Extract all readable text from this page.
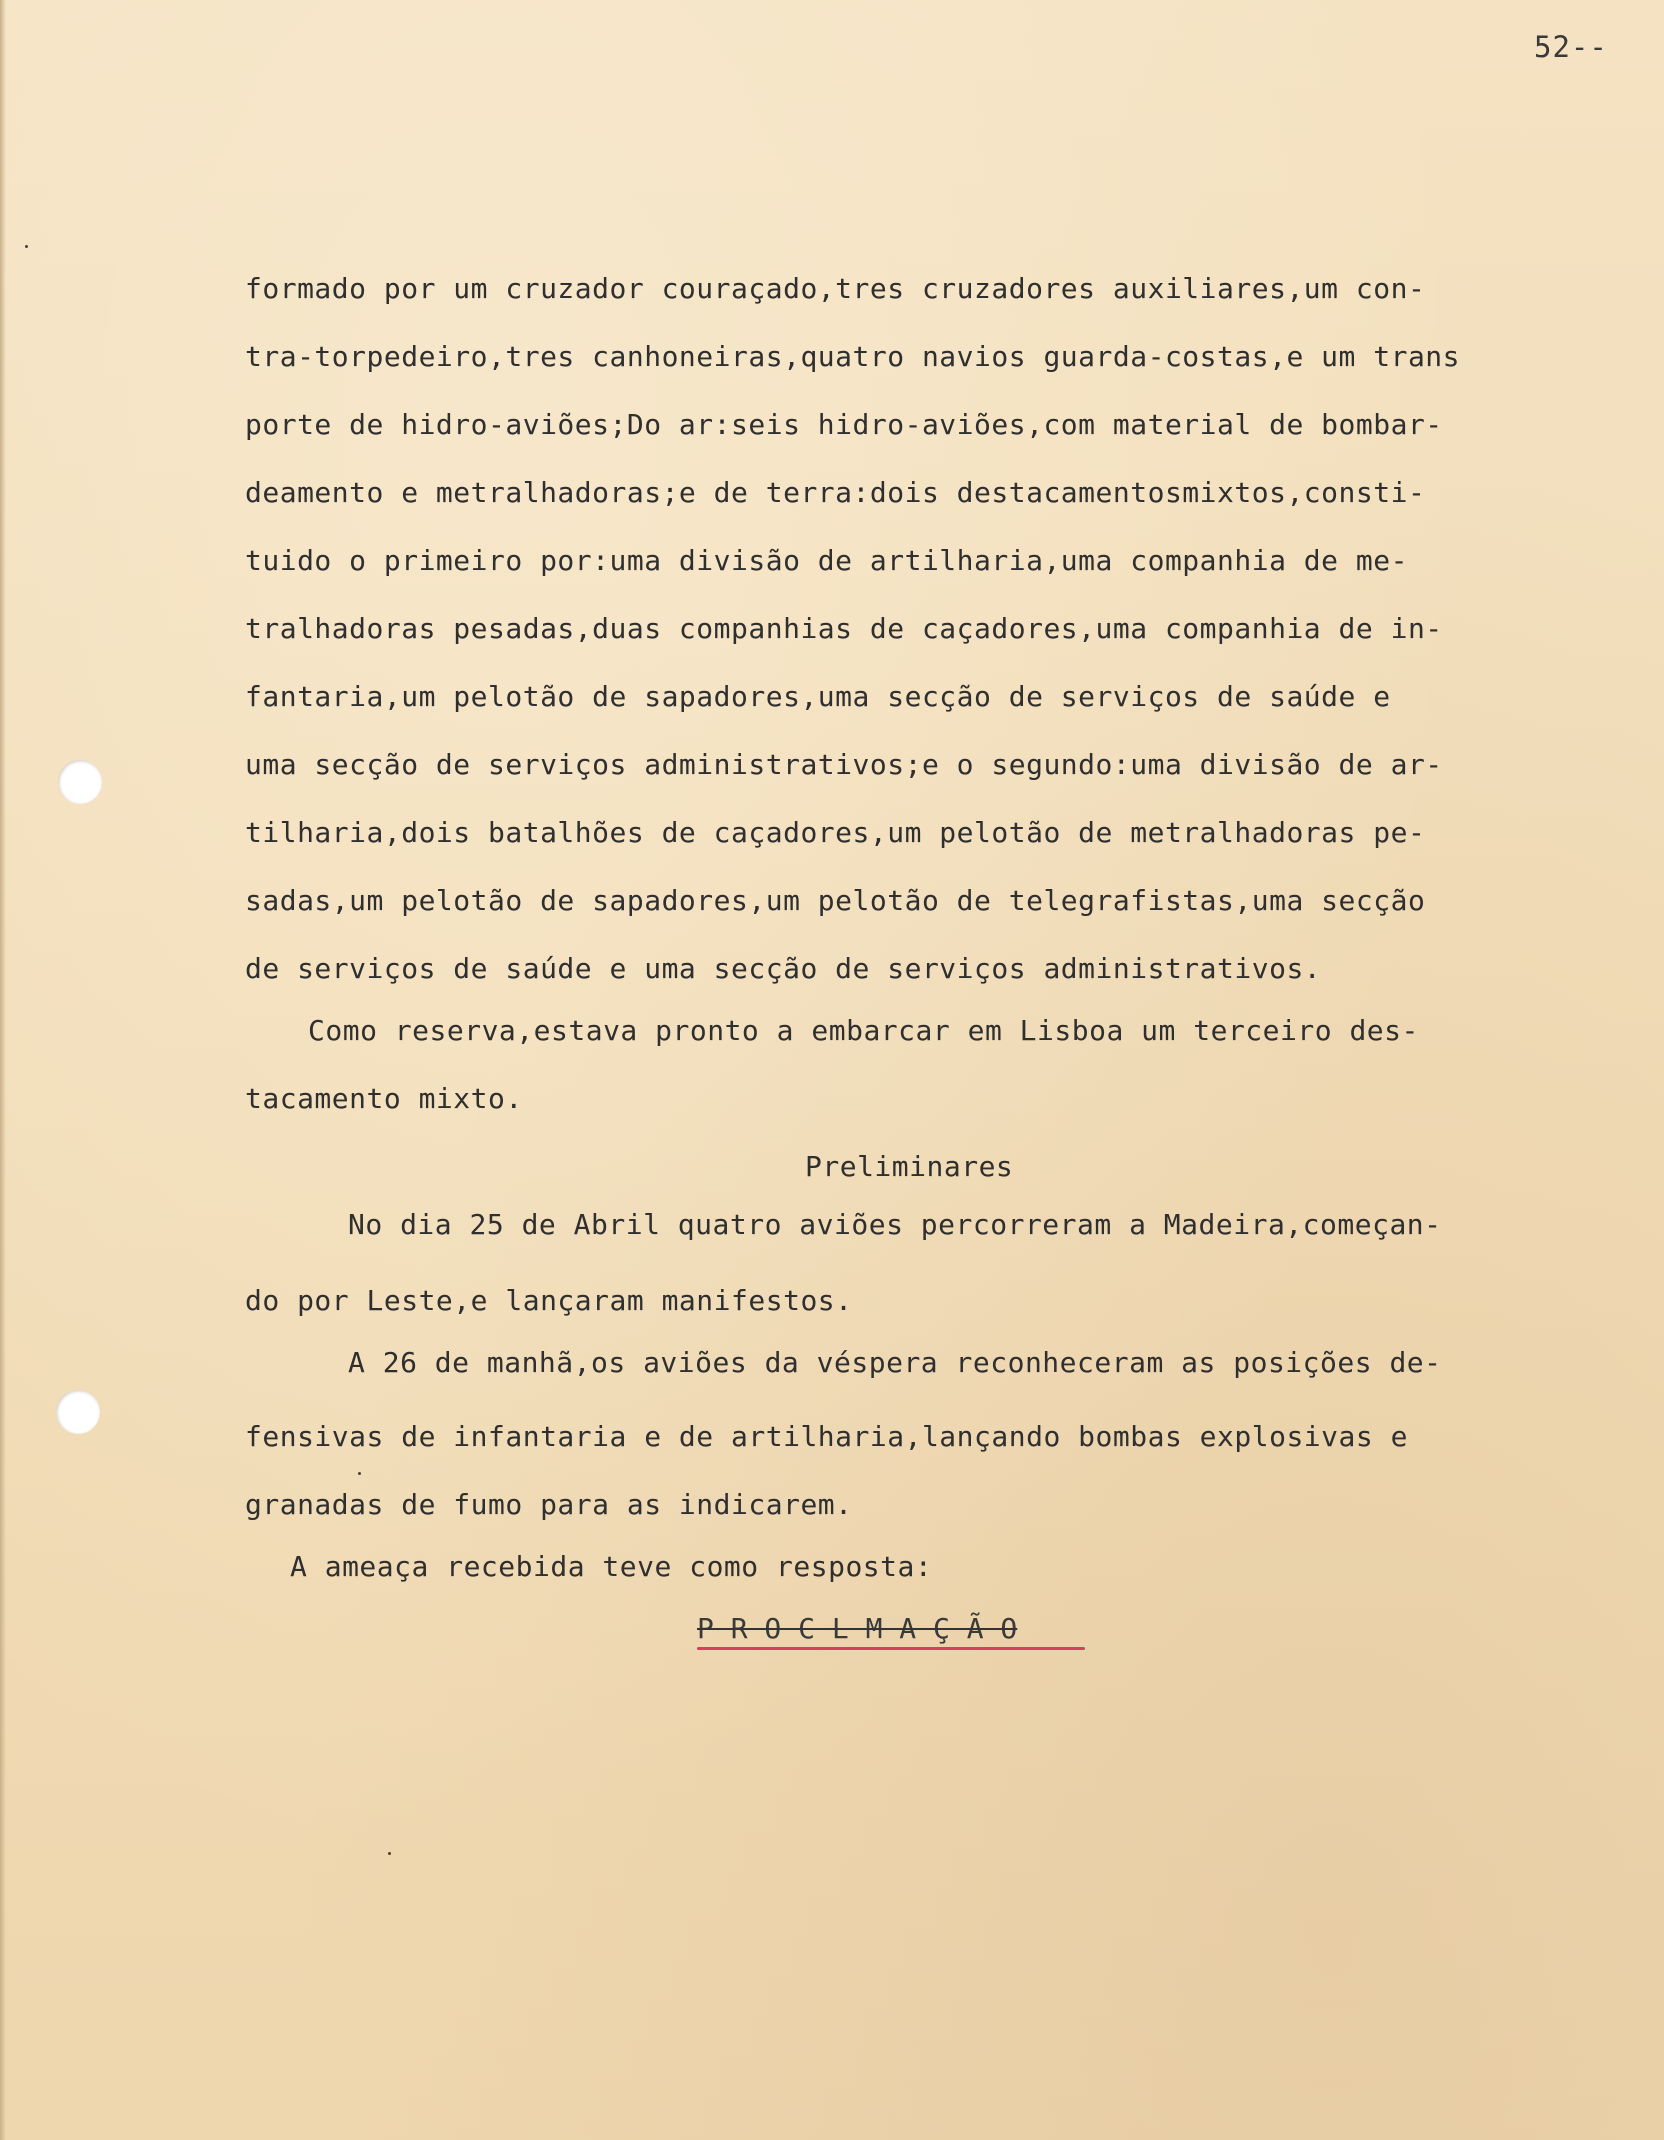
52--
formado por um cruzador couraçado,tres cruzadores auxiliares,um con-
tra-torpedeiro,tres canhoneiras,quatro navios guarda-costas,e um trans
porte de hidro-aviões;Do ar:seis hidro-aviões,com material de bombar-
deamento e metralhadoras;e de terra:dois destacamentosmixtos,consti-
tuido o primeiro por:uma divisão de artilharia,uma companhia de me-
tralhadoras pesadas,duas companhias de caçadores,uma companhia de in-
fantaria,um pelotão de sapadores,uma secção de serviços de saúde e
uma secção de serviços administrativos;e o segundo:uma divisão de ar-
tilharia,dois batalhões de caçadores,um pelotão de metralhadoras pe-
sadas,um pelotão de sapadores,um pelotão de telegrafistas,uma secção
de serviços de saúde e uma secção de serviços administrativos.
Como reserva,estava pronto a embarcar em Lisboa um terceiro des-
tacamento mixto.
Preliminares
No dia 25 de Abril quatro aviões percorreram a Madeira,começan-
do por Leste,e lançaram manifestos.
A 26 de manhã,os aviões da véspera reconheceram as posições de-
fensivas de infantaria e de artilharia,lançando bombas explosivas e
granadas de fumo para as indicarem.
A ameaça recebida teve como resposta:
P R O C L M A Ç Ã O
